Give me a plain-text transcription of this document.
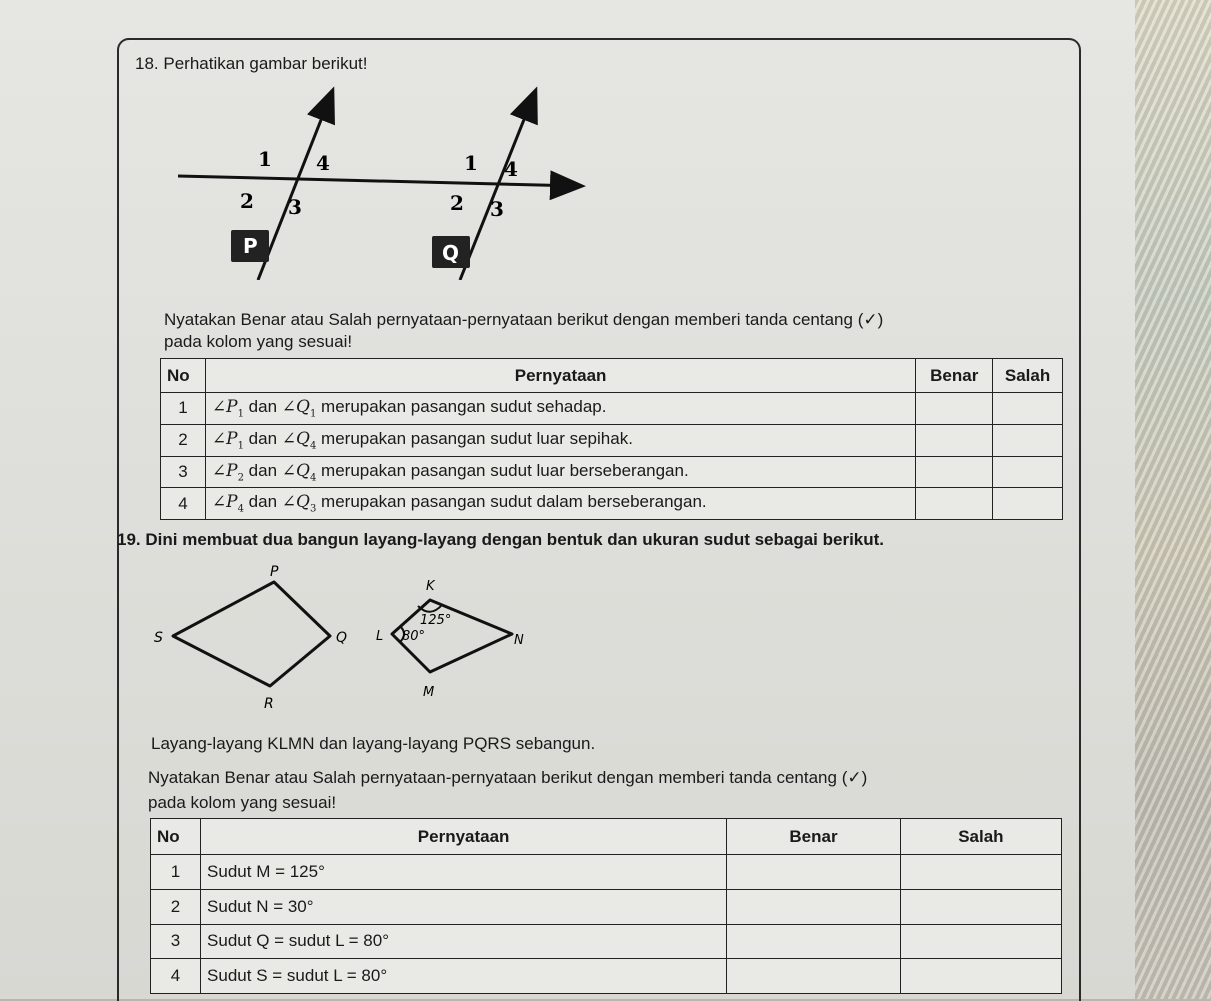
18. Perhatikan gambar berikut!
1 4
2 3
1 4
2 3
P	Q
Nyatakan Benar atau Salah pernyataan-pernyataan berikut dengan memberi tanda centang (✓)
pada kolom yang sesuai!
No	Pernyataan	Benar	Salah
1	$\angle P_1$ dan $\angle Q_1$ merupakan pasangan sudut sehadap.		
2	$\angle P_1$ dan $\angle Q_4$ merupakan pasangan sudut luar sepihak.		
3	$\angle P_2$ dan $\angle Q_4$ merupakan pasangan sudut luar berseberangan.		
4	$\angle P_4$ dan $\angle Q_3$ merupakan pasangan sudut dalam berseberangan.		
19. Dini membuat dua bangun layang-layang dengan bentuk dan ukuran sudut sebagai berikut.
P
Q
R
S
K
L
M
N
125°
80°
Layang-layang KLMN dan layang-layang PQRS sebangun.
Nyatakan Benar atau Salah pernyataan-pernyataan berikut dengan memberi tanda centang (✓)
pada kolom yang sesuai!
No	Pernyataan	Benar	Salah
1	Sudut M = 125°		
2	Sudut N = 30°		
3	Sudut Q = sudut L = 80°		
4	Sudut S = sudut L = 80°		
